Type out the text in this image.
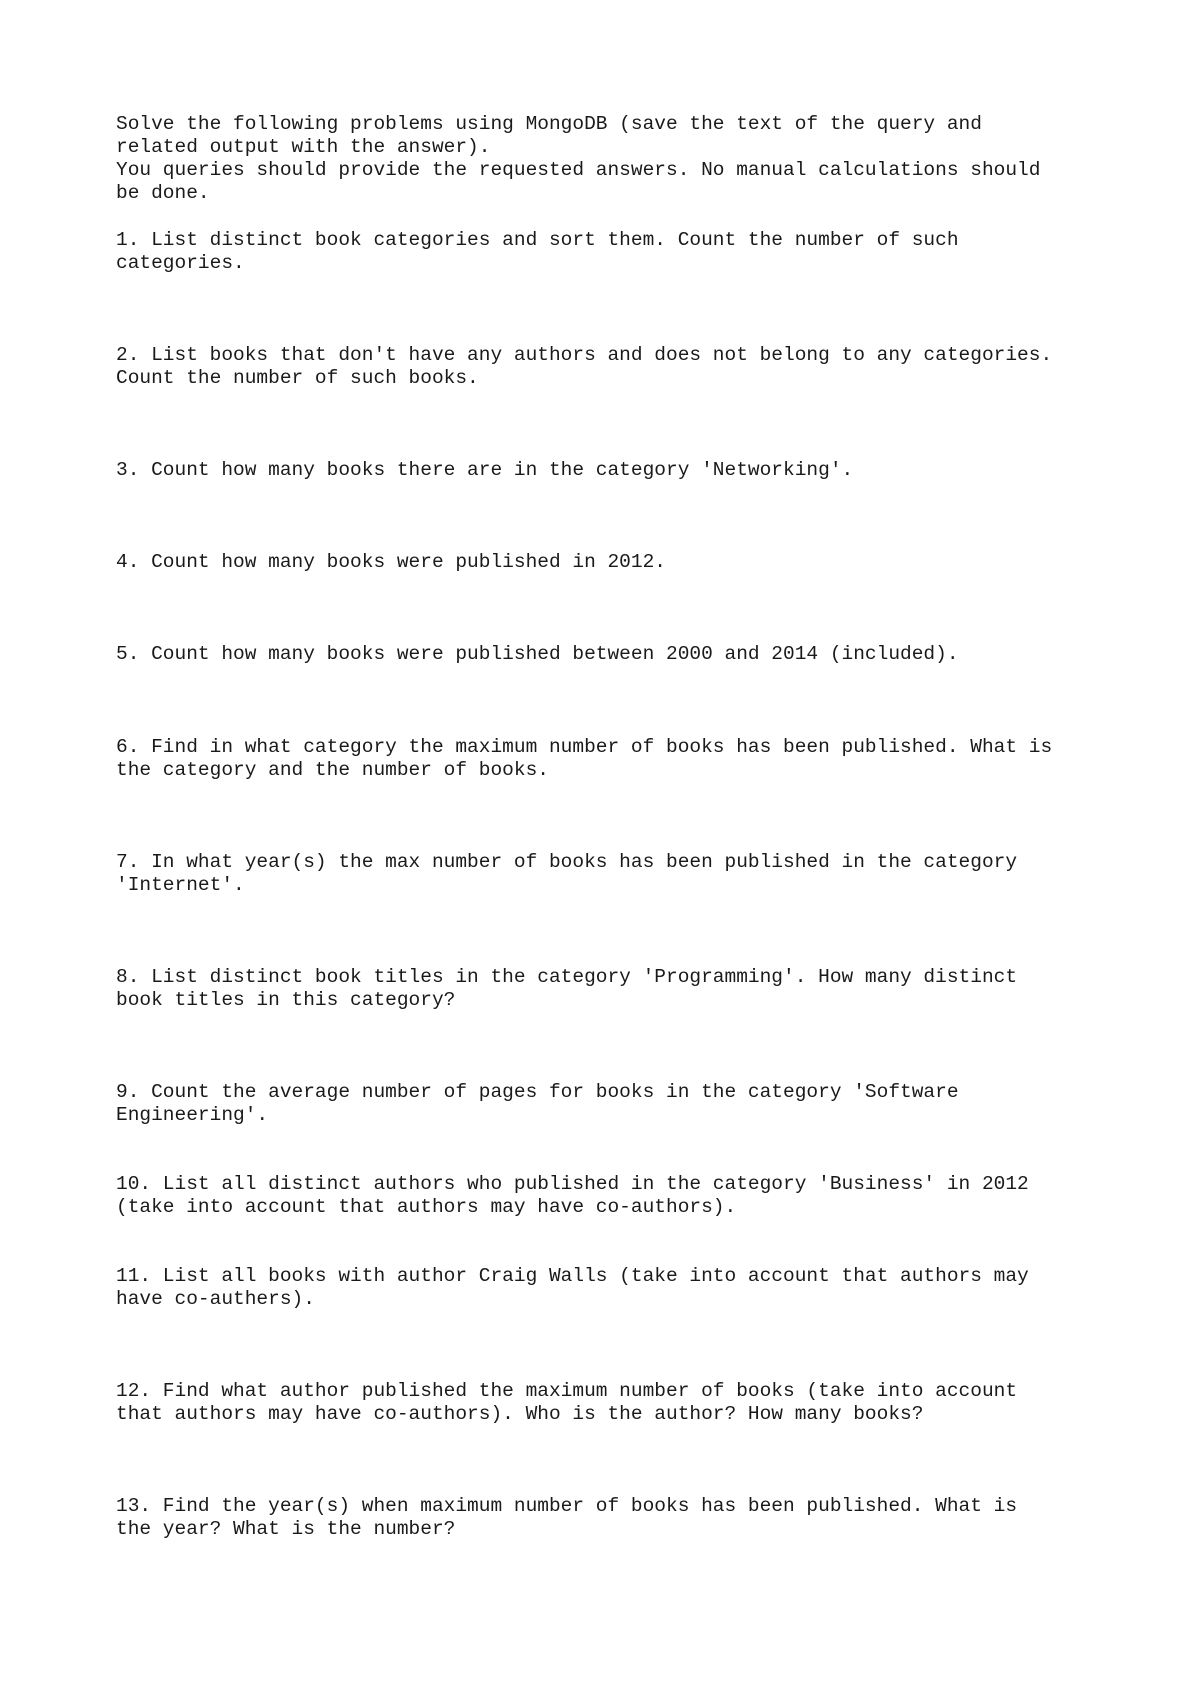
Solve the following problems using MongoDB (save the text of the query and
related output with the answer).
You queries should provide the requested answers. No manual calculations should
be done.

1. List distinct book categories and sort them. Count the number of such
categories.

2. List books that don't have any authors and does not belong to any categories.
Count the number of such books.

3. Count how many books there are in the category 'Networking'.

4. Count how many books were published in 2012.

5. Count how many books were published between 2000 and 2014 (included).

6. Find in what category the maximum number of books has been published. What is
the category and the number of books.

7. In what year(s) the max number of books has been published in the category
'Internet'.

8. List distinct book titles in the category 'Programming'. How many distinct
book titles in this category?

9. Count the average number of pages for books in the category 'Software
Engineering'.

10. List all distinct authors who published in the category 'Business' in 2012
(take into account that authors may have co-authors).

11. List all books with author Craig Walls (take into account that authors may
have co-authers).

12. Find what author published the maximum number of books (take into account
that authors may have co-authors). Who is the author? How many books?

13. Find the year(s) when maximum number of books has been published. What is
the year? What is the number?
